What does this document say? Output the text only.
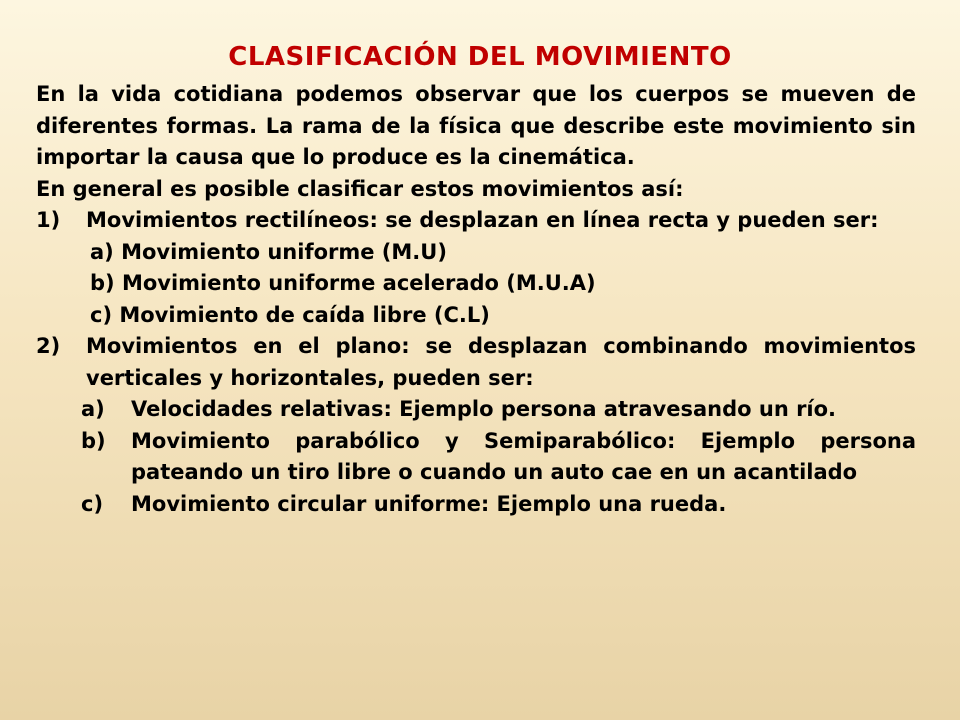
CLASIFICACIÓN DEL MOVIMIENTO
En la vida cotidiana podemos observar que los cuerpos se mueven de diferentes formas. La rama de la física que describe este movimiento sin importar la causa que lo produce es la cinemática.
En general es posible clasificar estos movimientos así:
1)	Movimientos rectilíneos: se desplazan en línea recta y pueden ser:
a) Movimiento uniforme (M.U)
b) Movimiento uniforme acelerado (M.U.A)
c) Movimiento de caída libre (C.L)
2)	Movimientos en el plano: se desplazan combinando movimientos verticales y horizontales, pueden ser:
a)	Velocidades relativas: Ejemplo persona atravesando un río.
b)	Movimiento parabólico y Semiparabólico: Ejemplo persona pateando un tiro libre o cuando un auto cae en un acantilado
c)	Movimiento circular uniforme: Ejemplo una rueda.
